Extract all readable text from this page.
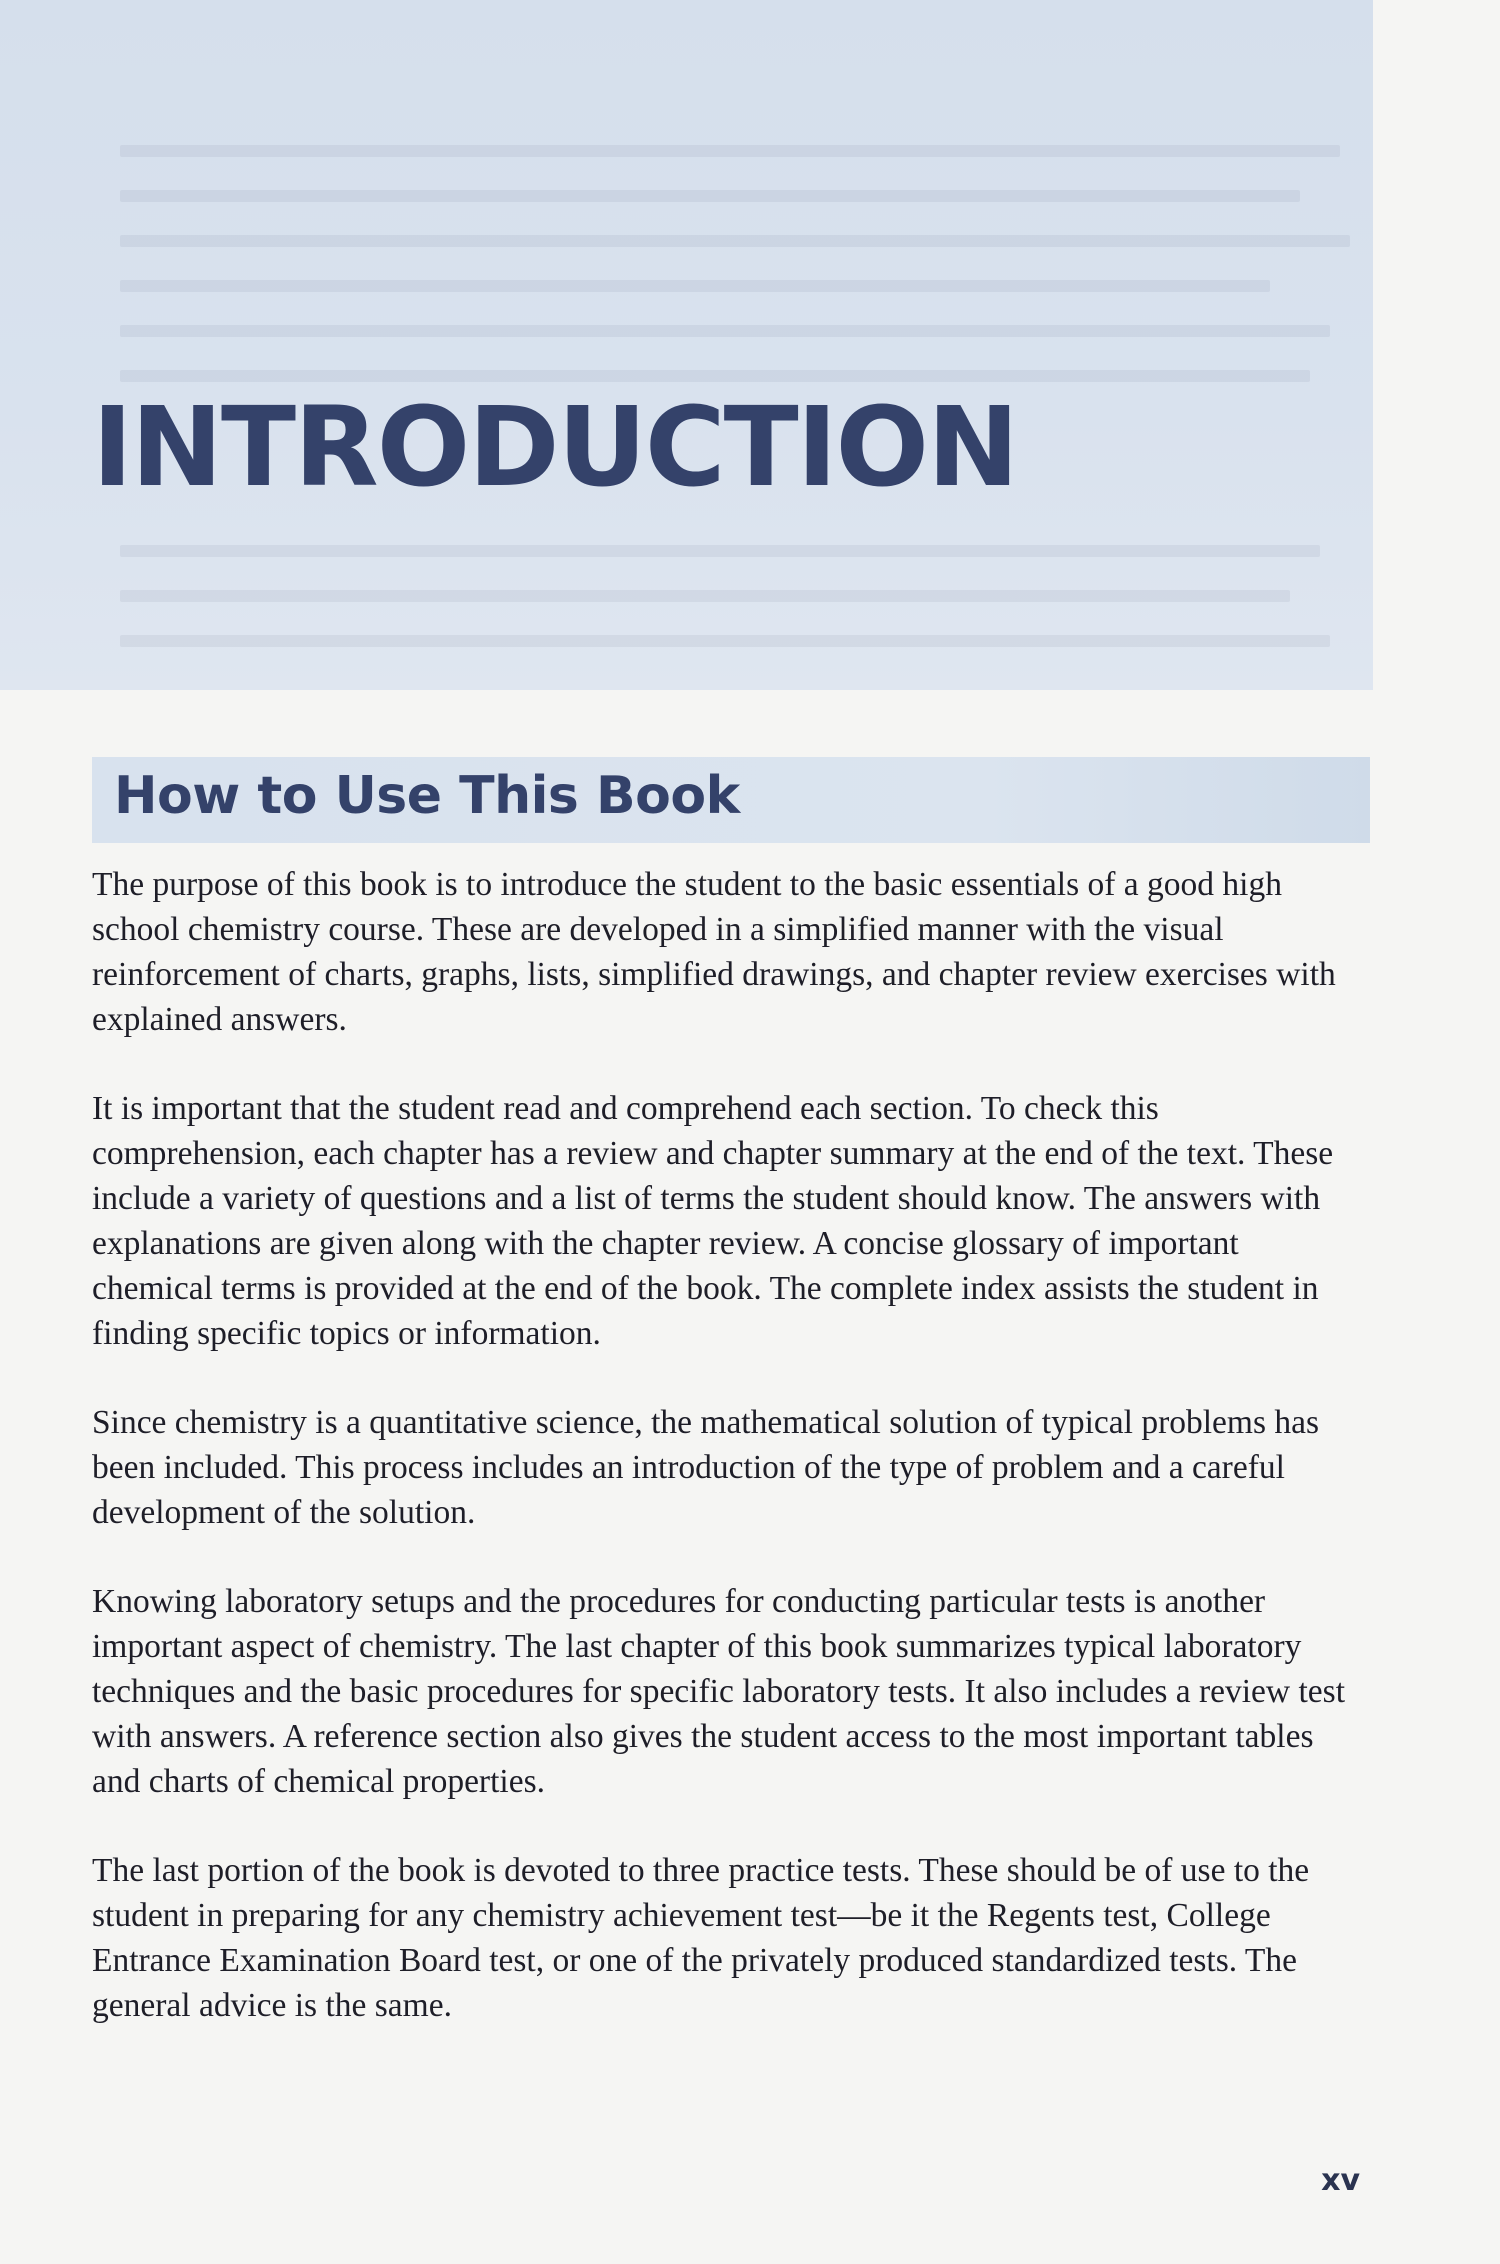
INTRODUCTION
How to Use This Book

The purpose of this book is to introduce the student to the basic essentials of a good high school chemistry course. These are developed in a simplified manner with the visual reinforcement of charts, graphs, lists, simplified drawings, and chapter review exercises with explained answers.

It is important that the student read and comprehend each section. To check this comprehension, each chapter has a review and chapter summary at the end of the text. These include a variety of questions and a list of terms the student should know. The answers with explanations are given along with the chapter review. A concise glossary of important chemical terms is provided at the end of the book. The complete index assists the student in finding specific topics or information.

Since chemistry is a quantitative science, the mathematical solution of typical problems has been included. This process includes an introduction of the type of problem and a careful development of the solution.

Knowing laboratory setups and the procedures for conducting particular tests is another important aspect of chemistry. The last chapter of this book summarizes typical laboratory techniques and the basic procedures for specific laboratory tests. It also includes a review test with answers. A reference section also gives the student access to the most important tables and charts of chemical properties.

The last portion of the book is devoted to three practice tests. These should be of use to the student in preparing for any chemistry achievement test—be it the Regents test, College Entrance Examination Board test, or one of the privately produced standardized tests. The general advice is the same.

xv
